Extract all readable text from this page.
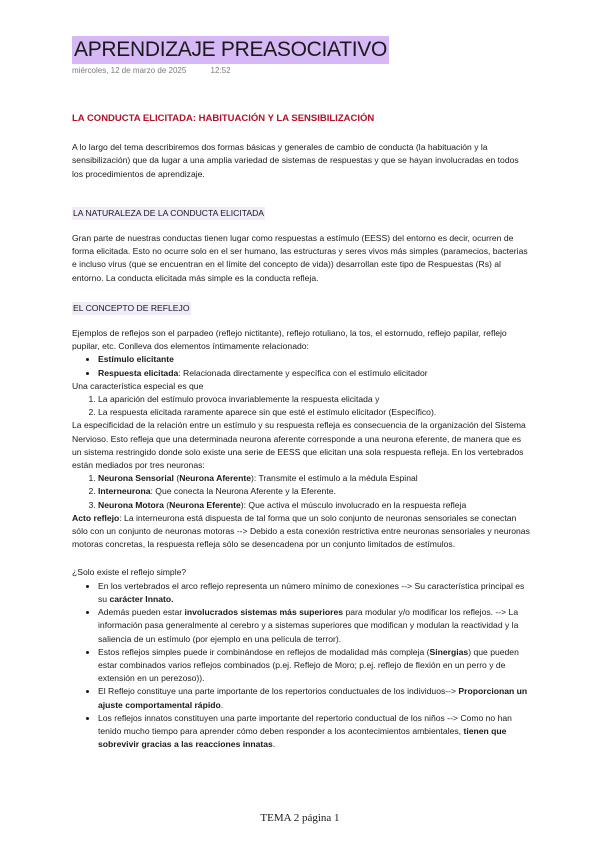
APRENDIZAJE PREASOCIATIVO
miércoles, 12 de marzo de 2025	12:52
LA CONDUCTA ELICITADA: HABITUACIÓN Y LA SENSIBILIZACIÓN

A lo largo del tema describiremos dos formas básicas y generales de cambio de conducta (la habituación y la sensibilización) que da lugar a una amplia variedad de sistemas de respuestas y que se hayan involucradas en todos los procedimientos de aprendizaje.

LA NATURALEZA DE LA CONDUCTA ELICITADA

Gran parte de nuestras conductas tienen lugar como respuestas a estímulo (EESS) del entorno es decir, ocurren de forma elicitada. Esto no ocurre solo en el ser humano, las estructuras y seres vivos más simples (paramecios, bacterias e incluso virus (que se encuentran en el límite del concepto de vida)) desarrollan este tipo de Respuestas (Rs) al entorno. La conducta elicitada más simple es la conducta refleja.

EL CONCEPTO DE REFLEJO

Ejemplos de reflejos son el parpadeo (reflejo nictitante), reflejo rotuliano, la tos, el estornudo, reflejo papilar, reflejo pupilar, etc. Conlleva dos elementos íntimamente relacionado:

• Estímulo elicitante
• Respuesta elicitada: Relacionada directamente y específica con el estímulo elicitador

Una característica especial es que

1. La aparición del estímulo provoca invariablemente la respuesta elicitada y
2. La respuesta elicitada raramente aparece sin que esté el estímulo elicitador (Específico).

La especificidad de la relación entre un estímulo y su respuesta refleja es consecuencia de la organización del Sistema Nervioso. Esto refleja que una determinada neurona aferente corresponde a una neurona eferente, de manera que es un sistema restringido donde solo existe una serie de EESS que elicitan una sola respuesta refleja. En los vertebrados están mediados por tres neuronas:

1. Neurona Sensorial (Neurona Aferente): Transmite el estímulo a la médula Espinal
2. Interneurona: Que conecta la Neurona Aferente y la Eferente.
3. Neurona Motora (Neurona Eferente): Que activa el músculo involucrado en la respuesta refleja

Acto reflejo: La interneurona está dispuesta de tal forma que un solo conjunto de neuronas sensoriales se conectan sólo con un conjunto de neuronas motoras --> Debido a esta conexión restrictiva entre neuronas sensoriales y neuronas motoras concretas, la respuesta refleja sólo se desencadena por un conjunto limitados de estímulos.

¿Solo existe el reflejo simple?

• En los vertebrados el arco reflejo representa un número mínimo de conexiones --> Su característica principal es su carácter Innato.
• Además pueden estar involucrados sistemas más superiores para modular y/o modificar los reflejos. --> La información pasa generalmente al cerebro y a sistemas superiores que modifican y modulan la reactividad y la saliencia de un estímulo (por ejemplo en una película de terror).
• Estos reflejos simples puede ir combinándose en reflejos de modalidad más compleja (Sinergias) que pueden estar combinados varios reflejos combinados (p.ej. Reflejo de Moro; p.ej. reflejo de flexión en un perro y de extensión en un perezoso)).
• El Reflejo constituye una parte importante de los repertorios conductuales de los individuos--> Proporcionan un ajuste comportamental rápido.
• Los reflejos innatos constituyen una parte importante del repertorio conductual de los niños --> Como no han tenido mucho tiempo para aprender cómo deben responder a los acontecimientos ambientales, tienen que sobrevivir gracias a las reacciones innatas.
TEMA 2 página 1
